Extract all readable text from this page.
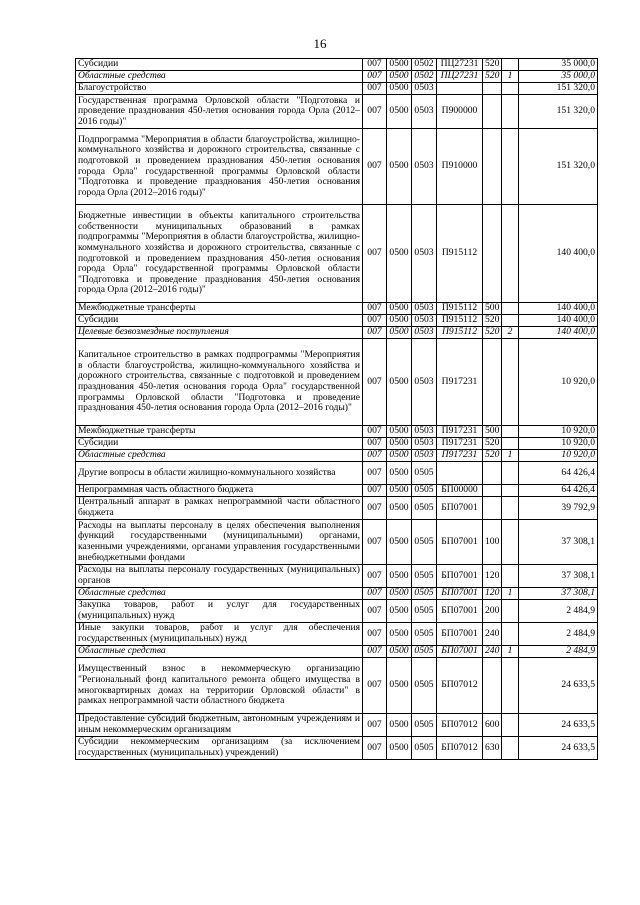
16
Субсидии	007	0500	0502	ПЦ27231	520		35 000,0
Областные средства	007	0500	0502	ПЦ27231	520	1	35 000,0
Благоустройство	007	0500	0503				151 320,0
Государственная программа Орловской области "Подготовка и проведение празднования 450-летия основания города Орла (2012–2016 годы)"	007	0500	0503	П900000			151 320,0
Подпрограмма "Мероприятия в области благоустройства, жилищно-коммунального хозяйства и дорожного строительства, связанные с подготовкой и проведением празднования 450-летия основания города Орла" государственной программы Орловской области "Подготовка и проведение празднования 450-летия основания города Орла (2012–2016 годы)"	007	0500	0503	П910000			151 320,0
Бюджетные инвестиции в объекты капитального строительства собственности муниципальных образований в рамках подпрограммы "Мероприятия в области благоустройства, жилищно-коммунального хозяйства и дорожного строительства, связанные с подготовкой и проведением празднования 450-летия основания города Орла" государственной программы Орловской области "Подготовка и проведение празднования 450-летия основания города Орла (2012–2016 годы)"	007	0500	0503	П915112			140 400,0
Межбюджетные трансферты	007	0500	0503	П915112	500		140 400,0
Субсидии	007	0500	0503	П915112	520		140 400,0
Целевые безвозмездные поступления	007	0500	0503	П915112	520	2	140 400,0
Капитальное строительство в рамках подпрограммы "Мероприятия в области благоустройства, жилищно-коммунального хозяйства и дорожного строительства, связанные с подготовкой и проведением празднования 450-летия основания города Орла" государственной программы Орловской области "Подготовка и проведение празднования 450-летия основания города Орла (2012–2016 годы)"	007	0500	0503	П917231			10 920,0
Межбюджетные трансферты	007	0500	0503	П917231	500		10 920,0
Субсидии	007	0500	0503	П917231	520		10 920,0
Областные средства	007	0500	0503	П917231	520	1	10 920,0
Другие вопросы в области жилищно-коммунального хозяйства	007	0500	0505				64 426,4
Непрограммная часть областного бюджета	007	0500	0505	БП00000			64 426,4
Центральный аппарат в рамках непрограммной части областного бюджета	007	0500	0505	БП07001			39 792,9
Расходы на выплаты персоналу в целях обеспечения выполнения функций государственными (муниципальными) органами, казенными учреждениями, органами управления государственными внебюджетными фондами	007	0500	0505	БП07001	100		37 308,1
Расходы на выплаты персоналу государственных (муниципальных) органов	007	0500	0505	БП07001	120		37 308,1
Областные средства	007	0500	0505	БП07001	120	1	37 308,1
Закупка товаров, работ и услуг для государственных (муниципальных) нужд	007	0500	0505	БП07001	200		2 484,9
Иные закупки товаров, работ и услуг для обеспечения государственных (муниципальных) нужд	007	0500	0505	БП07001	240		2 484,9
Областные средства	007	0500	0505	БП07001	240	1	2 484,9
Имущественный взнос в некоммерческую организацию "Региональный фонд капитального ремонта общего имущества в многоквартирных домах на территории Орловской области" в рамках непрограммной части областного бюджета	007	0500	0505	БП07012			24 633,5
Предоставление субсидий бюджетным, автономным учреждениям и иным некоммерческим организациям	007	0500	0505	БП07012	600		24 633,5
Субсидии некоммерческим организациям (за исключением государственных (муниципальных) учреждений)	007	0500	0505	БП07012	630		24 633,5
